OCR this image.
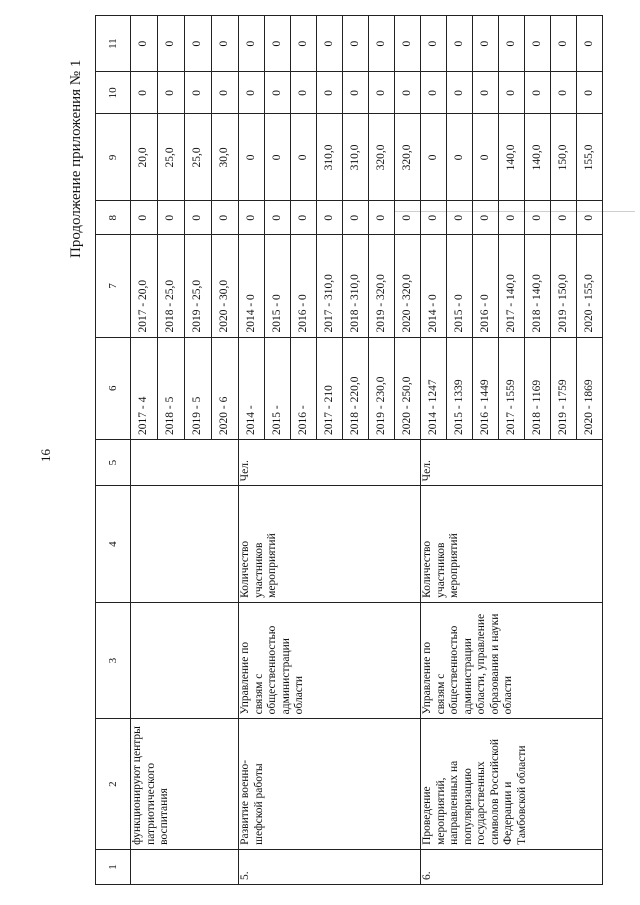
Продолжение приложения № 1
16
1	2	3	4	5	6	7	8	9	10	11
	функционируют центры патриотического воспитания				2017 - 4	2017 - 20,0	0	20,0	0	0
					2018 - 5	2018 - 25,0	0	25,0	0	0
					2019 - 5	2019 - 25,0	0	25,0	0	0
					2020 - 6	2020 - 30,0	0	30,0	0	0
5.	Развитие военно-шефской работы	Управление по связям с общественностью администрации области	Количество участников мероприятий	Чел.	2014 -	2014 - 0	0	0	0	0
					2015 -	2015 - 0	0	0	0	0
					2016 -	2016 - 0	0	0	0	0
					2017 - 210	2017 - 310,0	0	310,0	0	0
					2018 - 220,0	2018 - 310,0	0	310,0	0	0
					2019 - 230,0	2019 - 320,0	0	320,0	0	0
					2020 - 250,0	2020 - 320,0	0	320,0	0	0
6.	Проведение мероприятий, направленных на популяризацию государственных символов Российской Федерации и Тамбовской области	Управление по связям с общественностью администрации области, управление образования и науки области	Количество участников мероприятий	Чел.	2014 - 1247	2014 - 0	0	0	0	0
					2015 - 1339	2015 - 0	0	0	0	0
					2016 - 1449	2016 - 0	0	0	0	0
					2017 - 1559	2017 - 140,0	0	140,0	0	0
					2018 - 1169	2018 - 140,0	0	140,0	0	0
					2019 - 1759	2019 - 150,0	0	150,0	0	0
					2020 - 1869	2020 - 155,0	0	155,0	0	0
